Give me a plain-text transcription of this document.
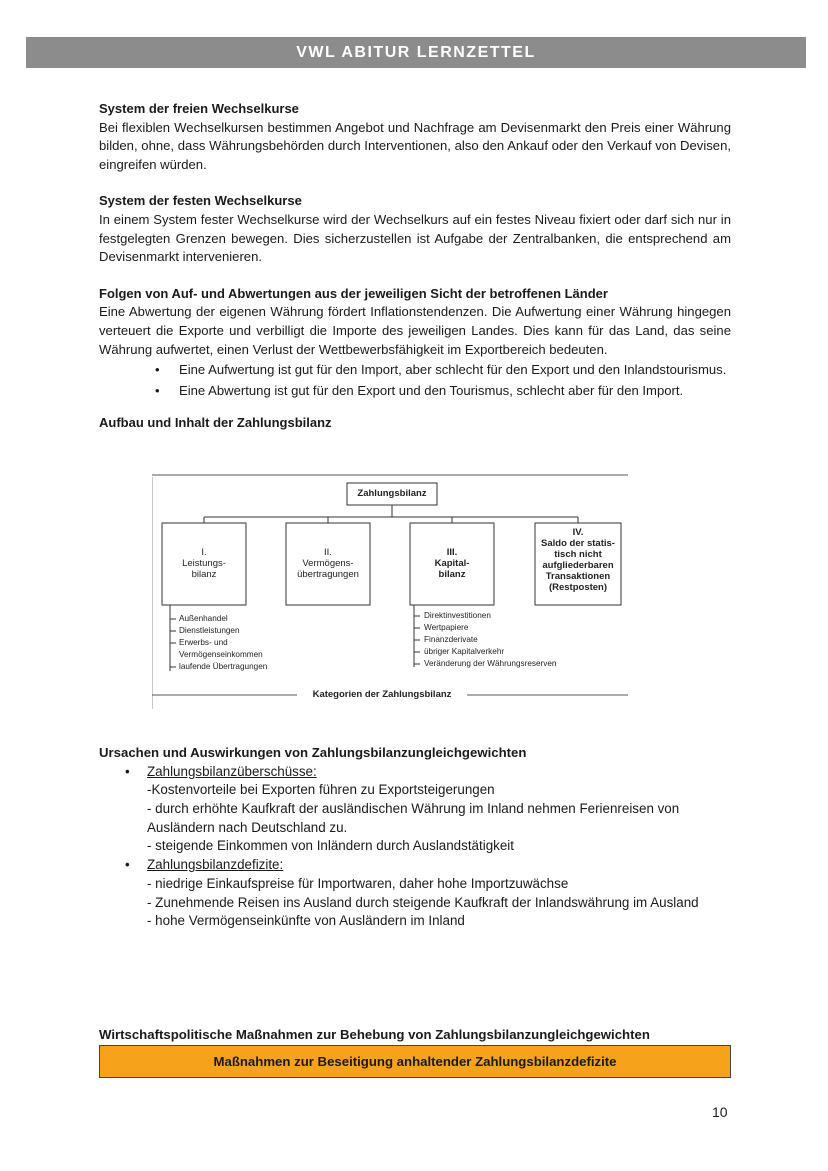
VWL ABITUR LERNZETTEL
System der freien Wechselkurse

Bei flexiblen Wechselkursen bestimmen Angebot und Nachfrage am Devisenmarkt den Preis einer Währung bilden, ohne, dass Währungsbehörden durch Interventionen, also den Ankauf oder den Verkauf von Devisen, eingreifen würden.

System der festen Wechselkurse

In einem System fester Wechselkurse wird der Wechselkurs auf ein festes Niveau fixiert oder darf sich nur in festgelegten Grenzen bewegen. Dies sicherzustellen ist Aufgabe der Zentralbanken, die entsprechend am Devisenmarkt intervenieren.

Folgen von Auf- und Abwertungen aus der jeweiligen Sicht der betroffenen Länder

Eine Abwertung der eigenen Währung fördert Inflationstendenzen. Die Aufwertung einer Währung hingegen verteuert die Exporte und verbilligt die Importe des jeweiligen Landes. Dies kann für das Land, das seine Währung aufwertet, einen Verlust der Wettbewerbsfähigkeit im Exportbereich bedeuten.

• Eine Aufwertung ist gut für den Import, aber schlecht für den Export und den Inlandstourismus.
• Eine Abwertung ist gut für den Export und den Tourismus, schlecht aber für den Import.
Aufbau und Inhalt der Zahlungsbilanz
Zahlungsbilanz
I.
Leistungs-
bilanz
II.
Vermögens-
übertragungen
III.
Kapital-
bilanz
IV.
Saldo der statis-
tisch nicht
aufgliederbaren
Transaktionen
(Restposten)
Außenhandel
Dienstleistungen
Erwerbs- und
Vermögenseinkommen
laufende Übertragungen
Direktinvestitionen
Wertpapiere
Finanzderivate
übriger Kapitalverkehr
Veränderung der Währungsreserven
Kategorien der Zahlungsbilanz
Ursachen und Auswirkungen von Zahlungsbilanzungleichgewichten
• Zahlungsbilanzüberschüsse:
-Kostenvorteile bei Exporten führen zu Exportsteigerungen
- durch erhöhte Kaufkraft der ausländischen Währung im Inland nehmen Ferienreisen von Ausländern nach Deutschland zu.
- steigende Einkommen von Inländern durch Auslandstätigkeit
• Zahlungsbilanzdefizite:
- niedrige Einkaufspreise für Importwaren, daher hohe Importzuwächse
- Zunehmende Reisen ins Ausland durch steigende Kaufkraft der Inlandswährung im Ausland
- hohe Vermögenseinkünfte von Ausländern im Inland
Wirtschaftspolitische Maßnahmen zur Behebung von Zahlungsbilanzungleichgewichten
Maßnahmen zur Beseitigung anhaltender Zahlungsbilanzdefizite
10
